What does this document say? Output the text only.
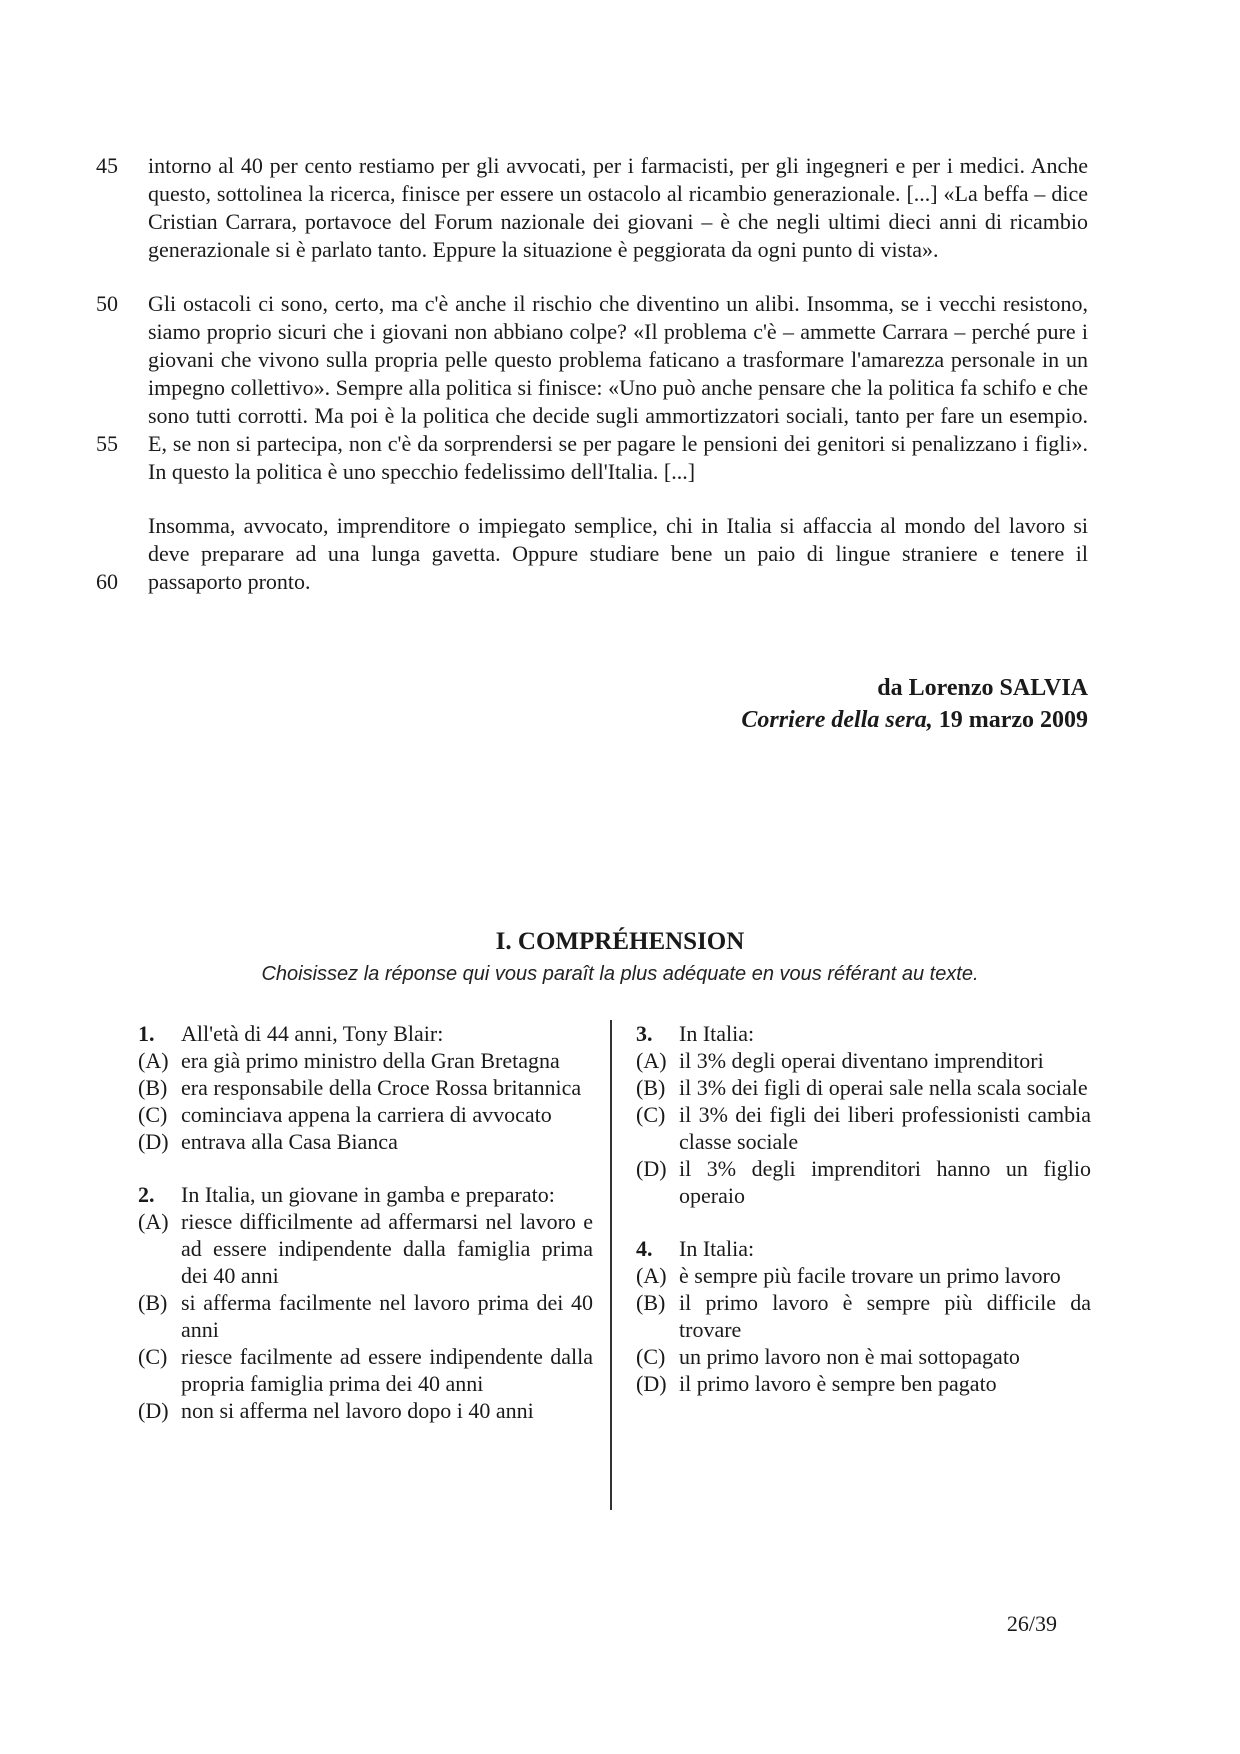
45 intorno al 40 per cento restiamo per gli avvocati, per i farmacisti, per gli ingegneri e per i medici. Anche questo, sottolinea la ricerca, finisce per essere un ostacolo al ricambio generazionale. [...] «La beffa – dice Cristian Carrara, portavoce del Forum nazionale dei giovani – è che negli ultimi dieci anni di ricambio generazionale si è parlato tanto. Eppure la situazione è peggiorata da ogni punto di vista».
50
55
Gli ostacoli ci sono, certo, ma c'è anche il rischio che diventino un alibi. Insomma, se i vecchi resistono, siamo proprio sicuri che i giovani non abbiano colpe? «Il problema c'è – ammette Carrara – perché pure i giovani che vivono sulla propria pelle questo problema faticano a trasformare l'amarezza personale in un impegno collettivo». Sempre alla politica si finisce: «Uno può anche pensare che la politica fa schifo e che sono tutti corrotti. Ma poi è la politica che decide sugli ammortizzatori sociali, tanto per fare un esempio. E, se non si partecipa, non c'è da sorprendersi se per pagare le pensioni dei genitori si penalizzano i figli». In questo la politica è uno specchio fedelissimo dell'Italia. [...]
60
Insomma, avvocato, imprenditore o impiegato semplice, chi in Italia si affaccia al mondo del lavoro si deve preparare ad una lunga gavetta. Oppure studiare bene un paio di lingue straniere e tenere il passaporto pronto.
da Lorenzo SALVIA
Corriere della sera, 19 marzo 2009
I. COMPRÉHENSION
Choisissez la réponse qui vous paraît la plus adéquate en vous référant au texte.
1. All'età di 44 anni, Tony Blair:
(A) era già primo ministro della Gran Bretagna
(B) era responsabile della Croce Rossa britannica
(C) cominciava appena la carriera di avvocato
(D) entrava alla Casa Bianca
2. In Italia, un giovane in gamba e preparato:
(A) riesce difficilmente ad affermarsi nel lavoro e ad essere indipendente dalla famiglia prima dei 40 anni
(B) si afferma facilmente nel lavoro prima dei 40 anni
(C) riesce facilmente ad essere indipendente dalla propria famiglia prima dei 40 anni
(D) non si afferma nel lavoro dopo i 40 anni
3. In Italia:
(A) il 3% degli operai diventano imprenditori
(B) il 3% dei figli di operai sale nella scala sociale
(C) il 3% dei figli dei liberi professionisti cambia classe sociale
(D) il 3% degli imprenditori hanno un figlio operaio
4. In Italia:
(A) è sempre più facile trovare un primo lavoro
(B) il primo lavoro è sempre più difficile da trovare
(C) un primo lavoro non è mai sottopagato
(D) il primo lavoro è sempre ben pagato
26/39
